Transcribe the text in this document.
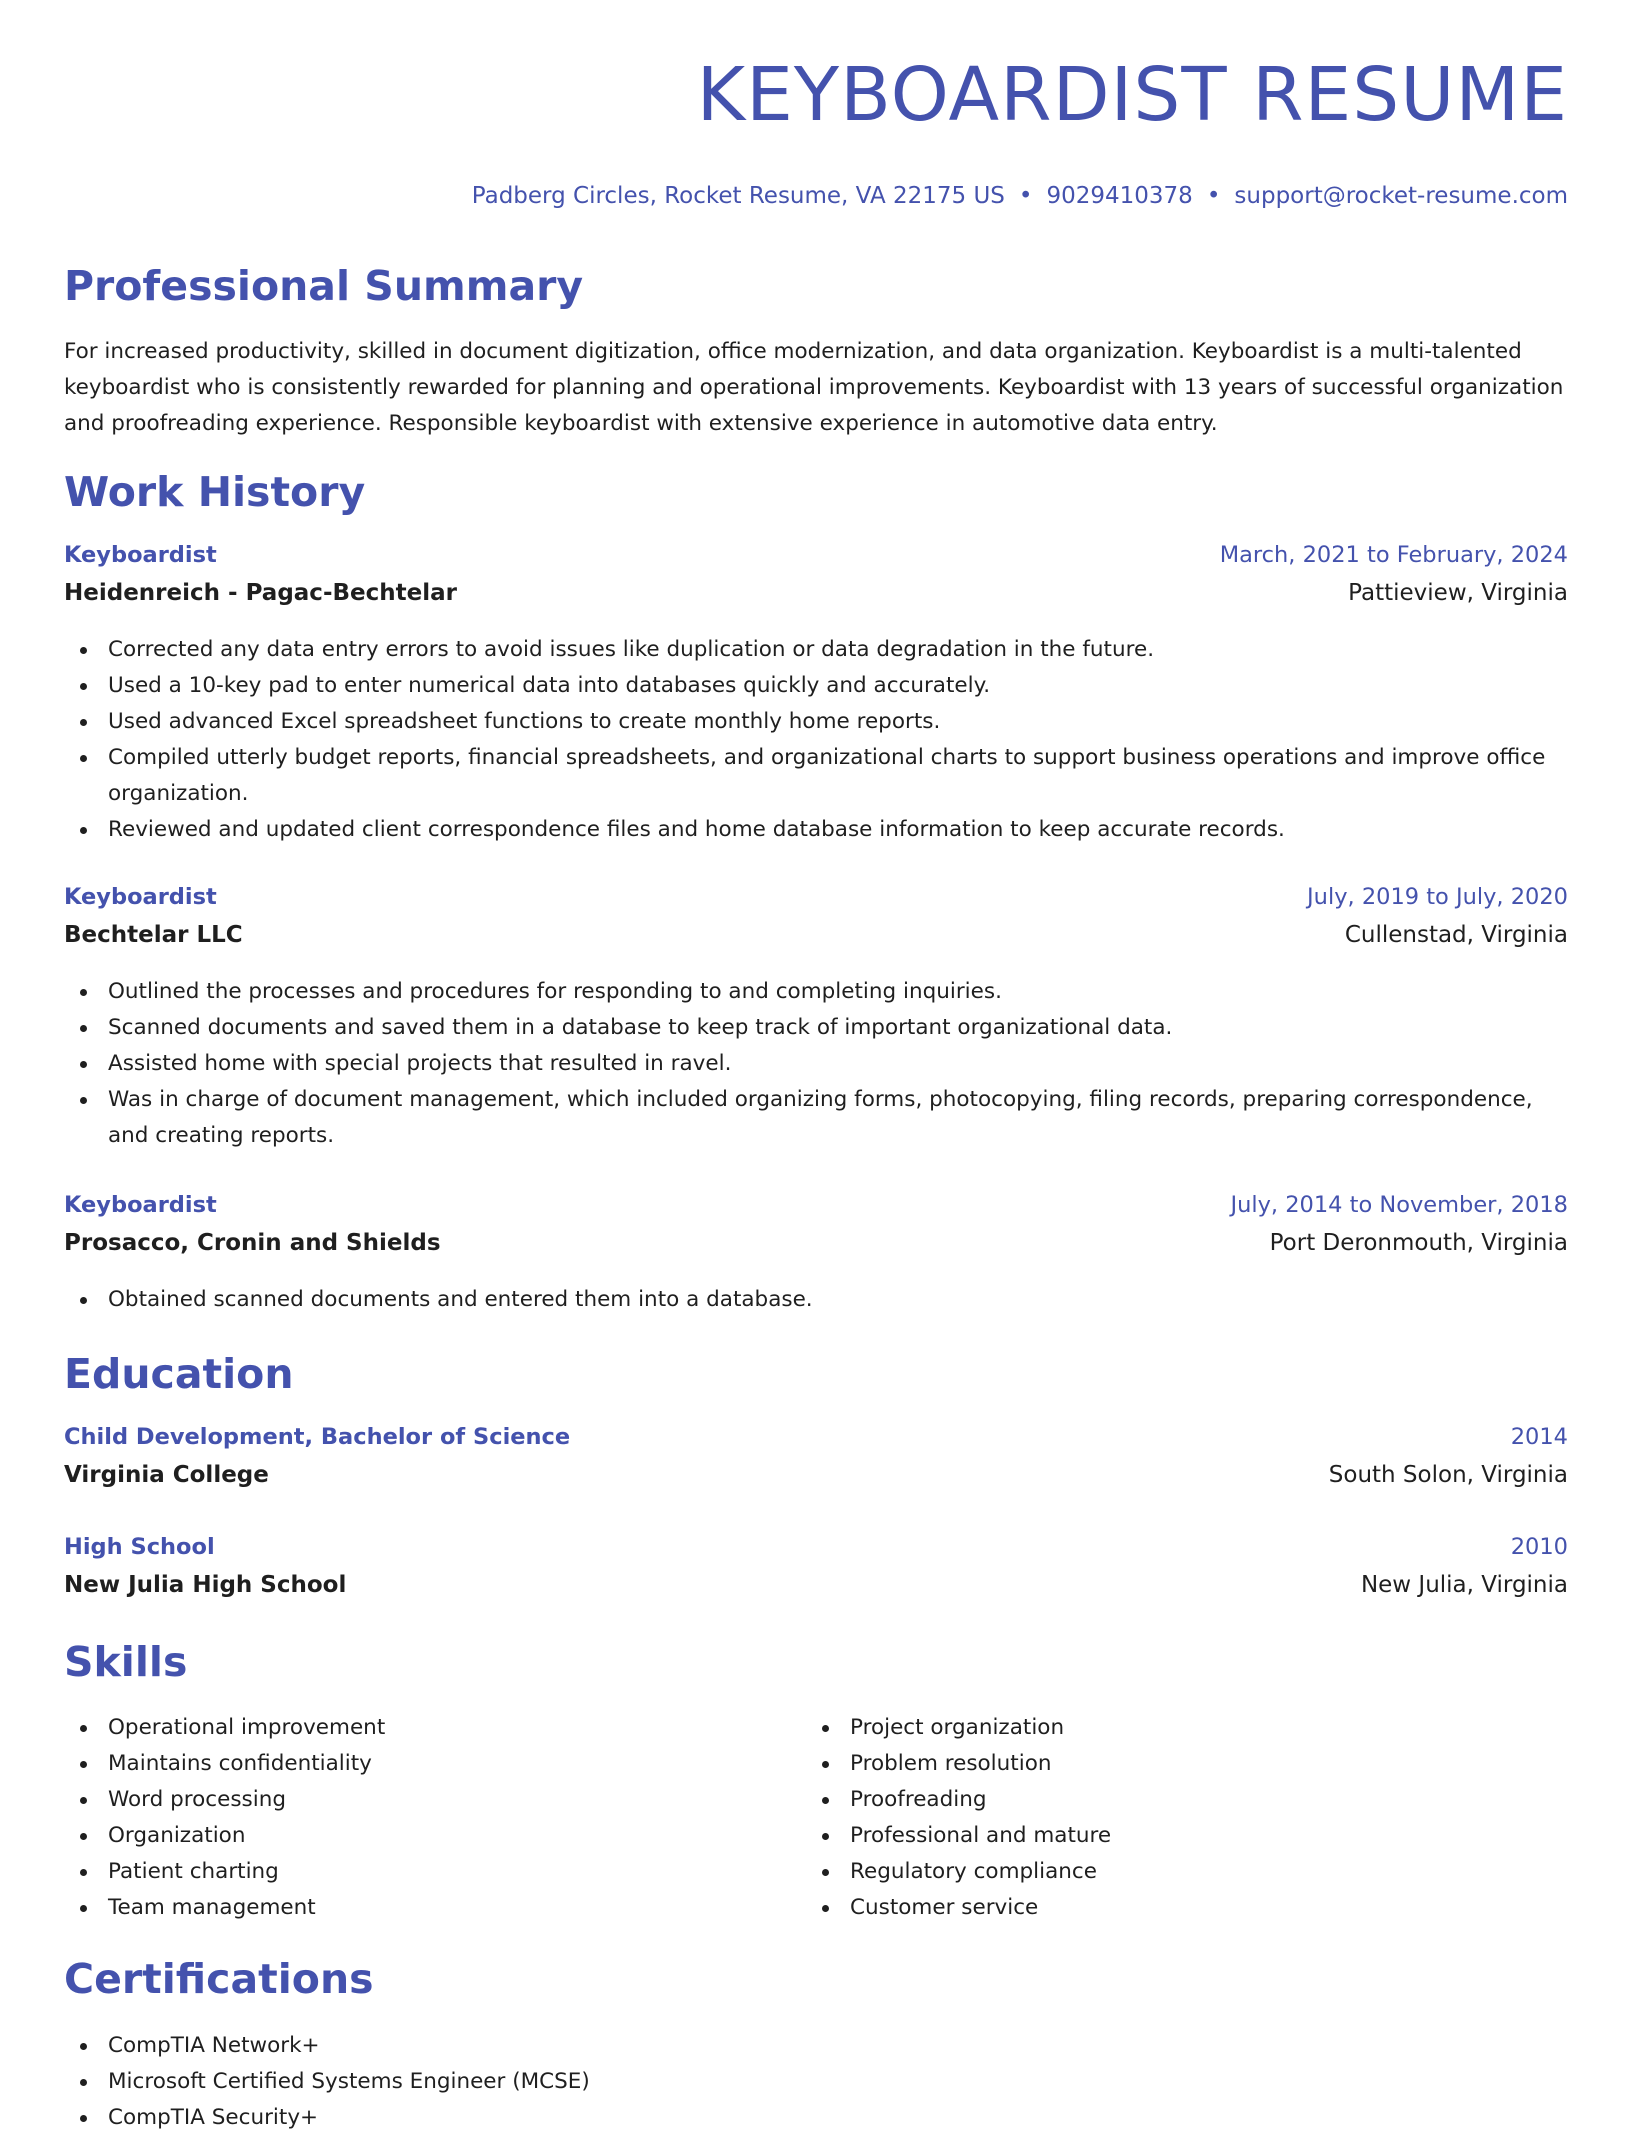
KEYBOARDIST RESUME
Padberg Circles, Rocket Resume, VA 22175 US • 9029410378 • support@rocket-resume.com
Professional Summary

For increased productivity, skilled in document digitization, office modernization, and data organization. Keyboardist is a multi-talented keyboardist who is consistently rewarded for planning and operational improvements. Keyboardist with 13 years of successful organization and proofreading experience. Responsible keyboardist with extensive experience in automotive data entry.

Work History
Keyboardist	March, 2021 to February, 2024
Heidenreich - Pagac-Bechtelar	Pattieview, Virginia
Corrected any data entry errors to avoid issues like duplication or data degradation in the future.
Used a 10-key pad to enter numerical data into databases quickly and accurately.
Used advanced Excel spreadsheet functions to create monthly home reports.
Compiled utterly budget reports, financial spreadsheets, and organizational charts to support business operations and improve office organization.
Reviewed and updated client correspondence files and home database information to keep accurate records.
Keyboardist	July, 2019 to July, 2020
Bechtelar LLC	Cullenstad, Virginia
Outlined the processes and procedures for responding to and completing inquiries.
Scanned documents and saved them in a database to keep track of important organizational data.
Assisted home with special projects that resulted in ravel.
Was in charge of document management, which included organizing forms, photocopying, filing records, preparing correspondence, and creating reports.
Keyboardist	July, 2014 to November, 2018
Prosacco, Cronin and Shields	Port Deronmouth, Virginia
Obtained scanned documents and entered them into a database.
Education
Child Development, Bachelor of Science	2014
Virginia College	South Solon, Virginia
High School	2010
New Julia High School	New Julia, Virginia
Skills
Operational improvement
Maintains confidentiality
Word processing
Organization
Patient charting
Team management
Project organization
Problem resolution
Proofreading
Professional and mature
Regulatory compliance
Customer service
Certifications
CompTIA Network+
Microsoft Certified Systems Engineer (MCSE)
CompTIA Security+
